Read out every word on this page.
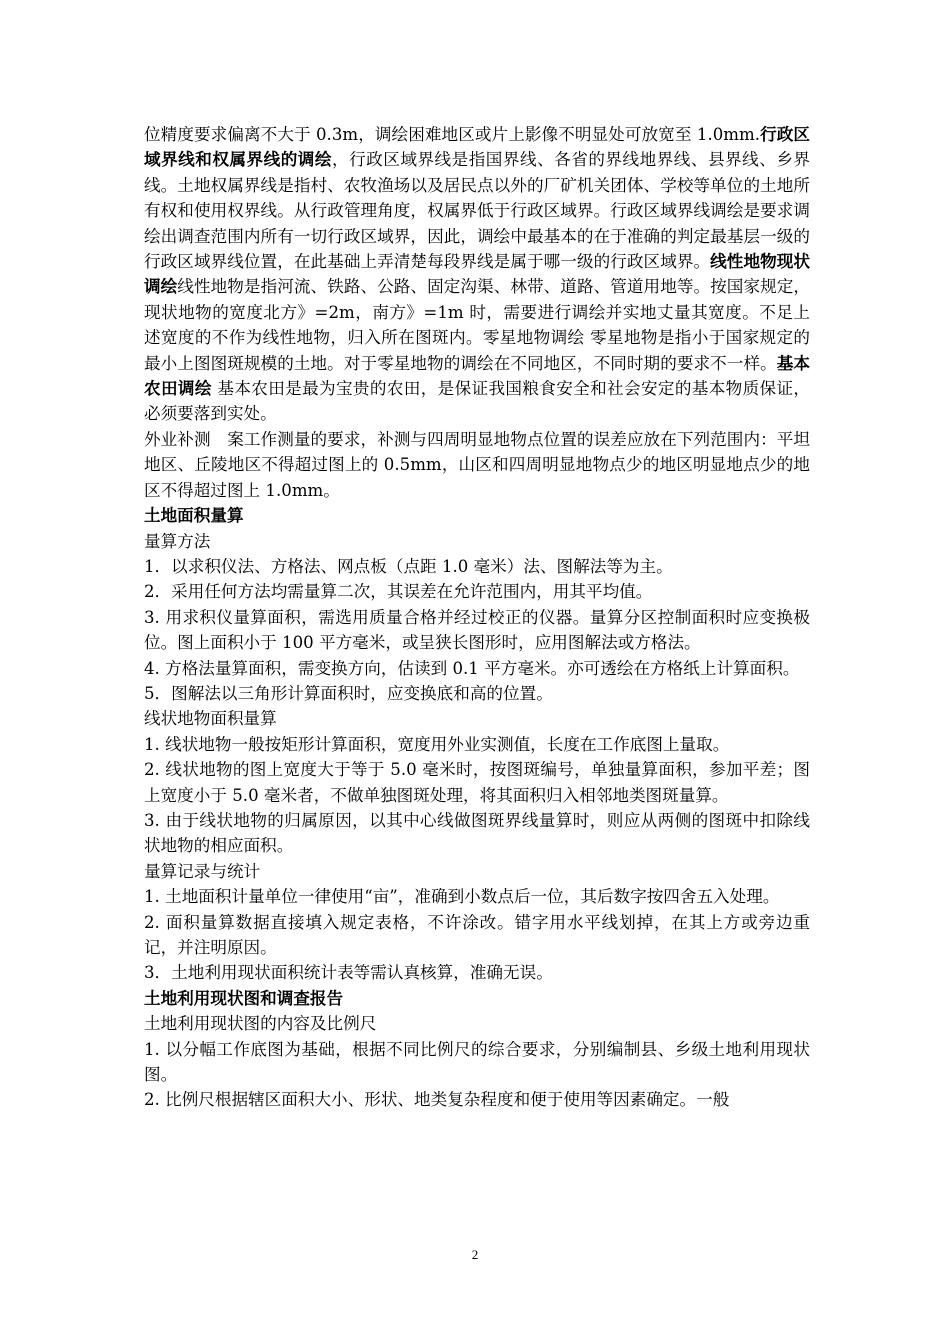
位精度要求偏离不大于 0.3m，调绘困难地区或片上影像不明显处可放宽至 1.0mm.行政区域界线和权属界线的调绘，行政区域界线是指国界线、各省的界线地界线、县界线、乡界线。土地权属界线是指村、农牧渔场以及居民点以外的厂矿机关团体、学校等单位的土地所有权和使用权界线。从行政管理角度，权属界低于行政区域界。行政区域界线调绘是要求调绘出调查范围内所有一切行政区域界，因此，调绘中最基本的在于准确的判定最基层一级的行政区域界线位置，在此基础上弄清楚每段界线是属于哪一级的行政区域界。线性地物现状调绘线性地物是指河流、铁路、公路、固定沟渠、林带、道路、管道用地等。按国家规定，现状地物的宽度北方》=2m，南方》=1m 时，需要进行调绘并实地丈量其宽度。不足上述宽度的不作为线性地物，归入所在图斑内。零星地物调绘 零星地物是指小于国家规定的最小上图图斑规模的土地。对于零星地物的调绘在不同地区，不同时期的要求不一样。基本农田调绘 基本农田是最为宝贵的农田，是保证我国粮食安全和社会安定的基本物质保证，必须要落到实处。

外业补测　案工作测量的要求，补测与四周明显地物点位置的误差应放在下列范围内：平坦地区、丘陵地区不得超过图上的 0.5mm，山区和四周明显地物点少的地区明显地点少的地区不得超过图上 1.0mm。

土地面积量算

量算方法

1．以求积仪法、方格法、网点板（点距 1.0 毫米）法、图解法等为主。

2．采用任何方法均需量算二次，其误差在允许范围内，用其平均值。

3. 用求积仪量算面积，需选用质量合格并经过校正的仪器。量算分区控制面积时应变换极位。图上面积小于 100 平方毫米，或呈狭长图形时，应用图解法或方格法。

4. 方格法量算面积，需变换方向，估读到 0.1 平方毫米。亦可透绘在方格纸上计算面积。

5．图解法以三角形计算面积时，应变换底和高的位置。

线状地物面积量算

1. 线状地物一般按矩形计算面积，宽度用外业实测值，长度在工作底图上量取。

2. 线状地物的图上宽度大于等于 5.0 毫米时，按图斑编号，单独量算面积，参加平差；图上宽度小于 5.0 毫米者，不做单独图斑处理，将其面积归入相邻地类图斑量算。

3. 由于线状地物的归属原因，以其中心线做图斑界线量算时，则应从两侧的图斑中扣除线状地物的相应面积。

量算记录与统计

1. 土地面积计量单位一律使用“亩”，准确到小数点后一位，其后数字按四舍五入处理。

2. 面积量算数据直接填入规定表格，不许涂改。错字用水平线划掉，在其上方或旁边重记，并注明原因。

3．土地利用现状面积统计表等需认真核算，准确无误。

土地利用现状图和调查报告

土地利用现状图的内容及比例尺

1. 以分幅工作底图为基础，根据不同比例尺的综合要求，分别编制县、乡级土地利用现状图。

2. 比例尺根据辖区面积大小、形状、地类复杂程度和便于使用等因素确定。一般

2
